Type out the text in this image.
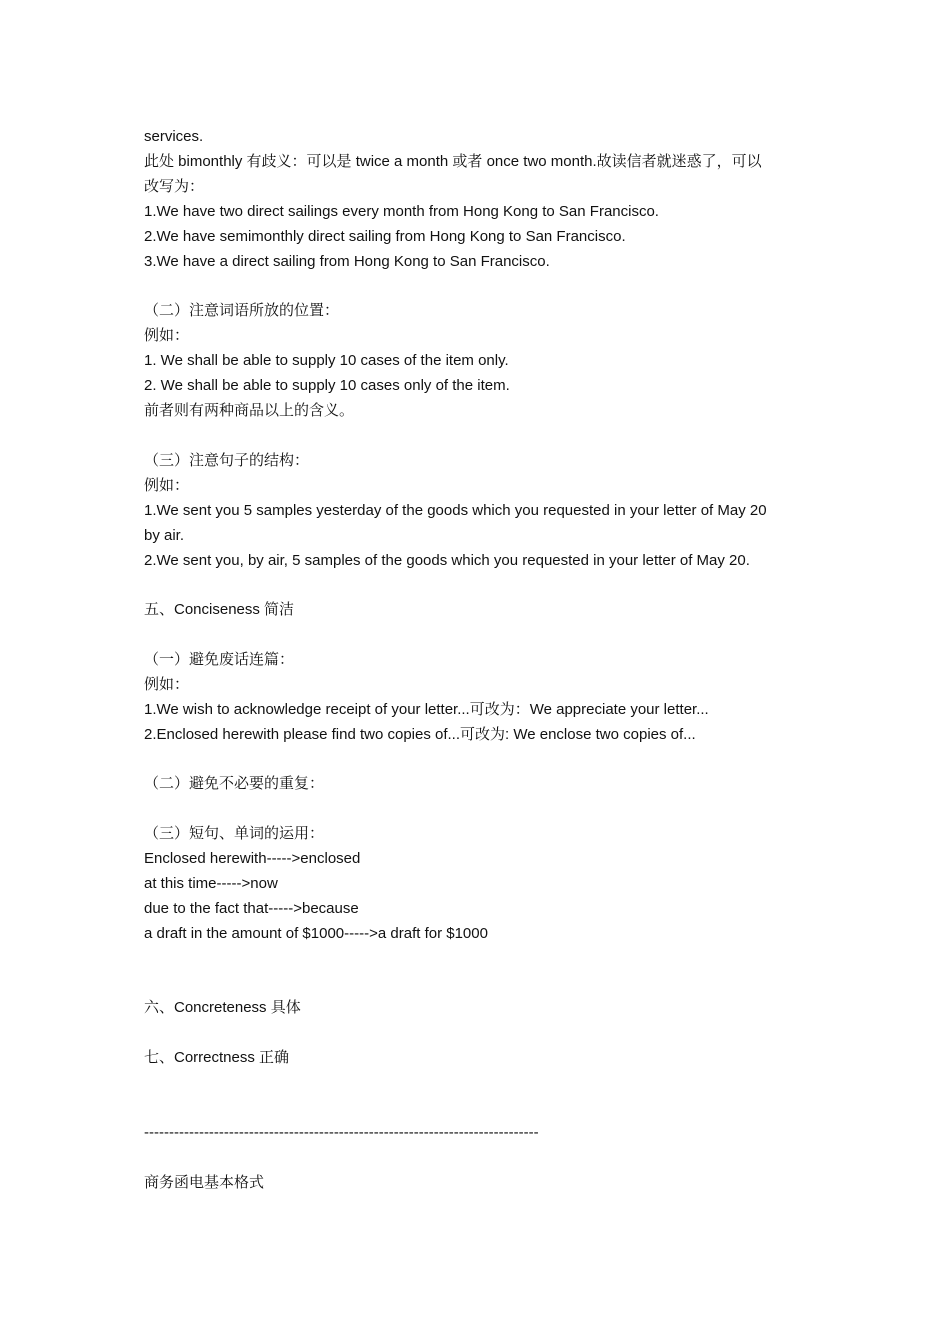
services.
此处 bimonthly 有歧义：可以是 twice a month 或者 once two month.故读信者就迷惑了，可以
改写为：
1.We have two direct sailings every month from Hong Kong to San Francisco.
2.We have semimonthly direct sailing from Hong Kong to San Francisco.
3.We have a direct sailing from Hong Kong to San Francisco.
（二）注意词语所放的位置：
例如：
1. We shall be able to supply 10 cases of the item only.
2. We shall be able to supply 10 cases only of the item.
前者则有两种商品以上的含义。
（三）注意句子的结构：
例如：
1.We sent you 5 samples yesterday of the goods which you requested in your letter of May 20
by air.
2.We sent you, by air, 5 samples of the goods which you requested in your letter of May 20.
五、Conciseness 简洁
（一）避免废话连篇：
例如：
1.We wish to acknowledge receipt of your letter...可改为：We appreciate your letter...
2.Enclosed herewith please find two copies of...可改为: We enclose two copies of...
（二）避免不必要的重复：
（三）短句、单词的运用：
Enclosed herewith----->enclosed
at this time----->now
due to the fact that----->because
a draft in the amount of $1000----->a draft for $1000
六、Concreteness 具体
七、Correctness 正确
-------------------------------------------------------------------------------
商务函电基本格式
